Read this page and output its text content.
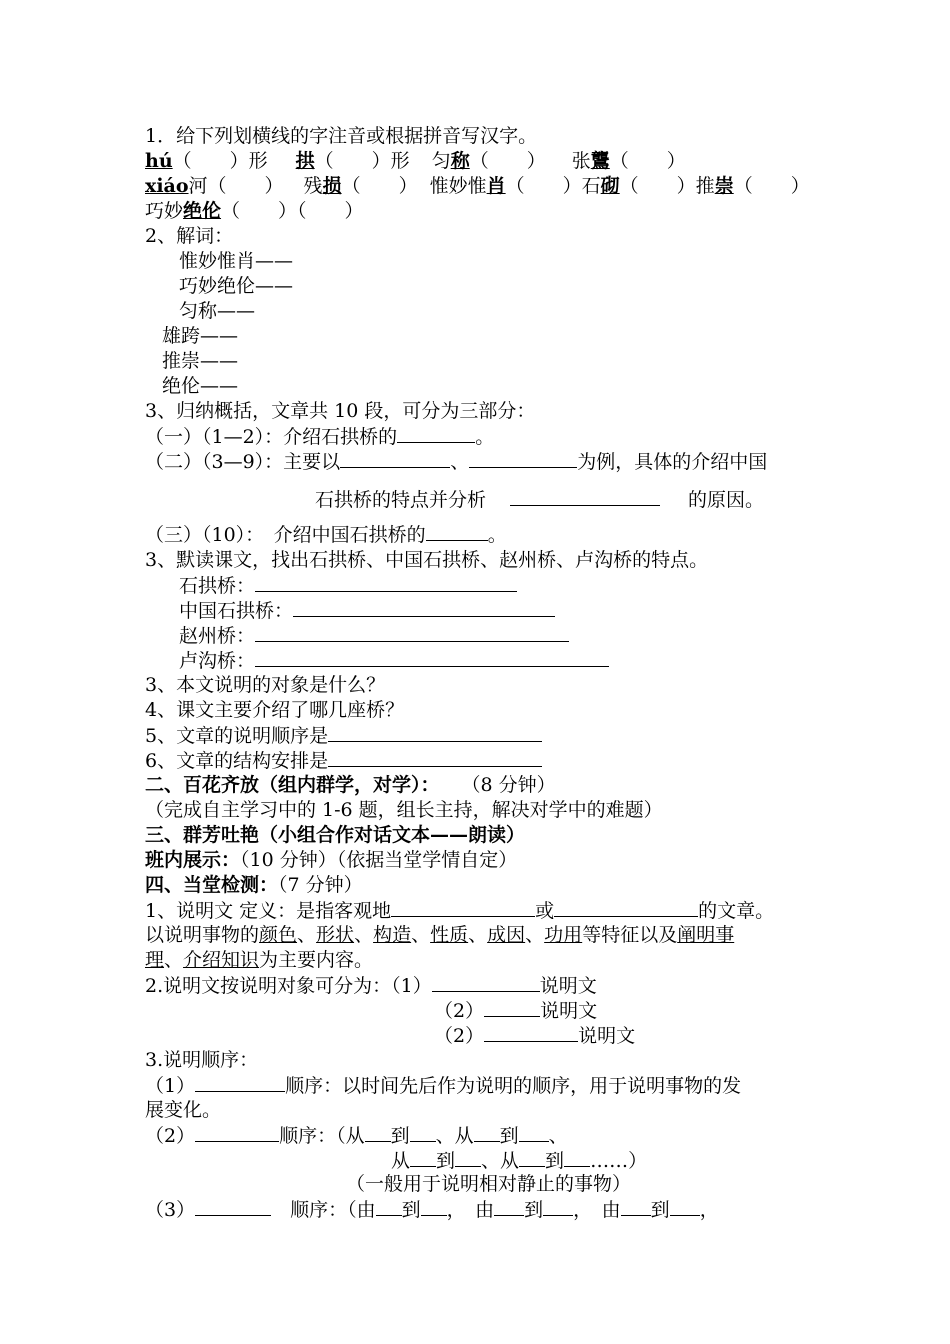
1．给下列划横线的字注音或根据拼音写汉字。
hú（　　）形 拱（　　）形 匀称（　　） 张鸗（　　）
xiáo河（　　） 残损（　　） 惟妙惟肖（　　）石砌（　　）推崇（　　）
巧妙绝伦（　　）（　　）
2、解词：
惟妙惟肖——
巧妙绝伦——
匀称——
雄跨——
推崇——
绝伦——
3、归纳概括，文章共 10 段，可分为三部分：
（一）（1—2）：介绍石拱桥的	。
（二）（3—9）：主要以	、	为例，具体的介绍中国
石拱桥的特点并分析	的原因。
（三）（10）：　介绍中国石拱桥的	。
3、默读课文，找出石拱桥、中国石拱桥、赵州桥、卢沟桥的特点。
石拱桥：
中国石拱桥：
赵州桥：
卢沟桥：
3、本文说明的对象是什么？
4、课文主要介绍了哪几座桥？
5、文章的说明顺序是
6、文章的结构安排是
二、百花齐放（组内群学，对学）： （8 分钟）
（完成自主学习中的 1-6 题，组长主持，解决对学中的难题）
三、群芳吐艳（小组合作对话文本——朗读）
班内展示：（10 分钟）（依据当堂学情自定）
四、当堂检测：（7 分钟）
1、说明文 定义：是指客观地	或	的文章。
以说明事物的颜色、形状、构造、性质、成因、功用等特征以及阐明事
理、介绍知识为主要内容。
2.说明文按说明对象可分为：（1）	说明文
（2）	说明文
（2）	说明文
3.说明顺序：
（1）	顺序：以时间先后作为说明的顺序，用于说明事物的发
展变化。
（2）	顺序：（从 到 、从 到 、
从 到 、从 到 ……）
（一般用于说明相对静止的事物）
（3）	　顺序：（由 到 ，　由 到 ，　由 到 ，
